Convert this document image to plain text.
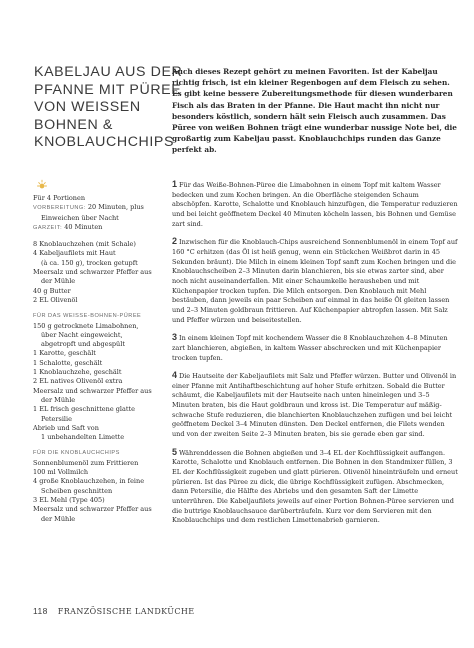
KABELJAU AUS DER
PFANNE MIT PÜREE
VON WEISSEN
BOHNEN &
KNOBLAUCHCHIPS
Auch dieses Rezept gehört zu meinen Favoriten. Ist der Kabeljau richtig frisch, ist ein kleiner Regenbogen auf dem Fleisch zu sehen. Es gibt keine bessere Zubereitungsmethode für diesen wunderbaren Fisch als das Braten in der Pfanne. Die Haut macht ihn nicht nur besonders köstlich, sondern hält sein Fleisch auch zusammen. Das Püree von weißen Bohnen trägt eine wunderbar nussige Note bei, die großartig zum Kabeljau passt. Knoblauchchips runden das Ganze perfekt ab.
Für 4 Portionen
VORBEREITUNG: 20 Minuten, plus
Einweichen über Nacht
GARZEIT: 40 Minuten
8 Knoblauchzehen (mit Schale)
4 Kabeljaufilets mit Haut
(à ca. 150 g), trocken getupft
Meersalz und schwarzer Pfeffer aus
der Mühle
40 g Butter
2 EL Olivenöl
FÜR DAS WEISSE-BOHNEN-PÜREE
150 g getrocknete Limabohnen,
über Nacht eingeweicht,
abgetropft und abgespült
1 Karotte, geschält
1 Schalotte, geschält
1 Knoblauchzehe, geschält
2 EL natives Olivenöl extra
Meersalz und schwarzer Pfeffer aus
der Mühle
1 EL frisch geschnittene glatte
Petersilie
Abrieb und Saft von
1 unbehandelten Limette
FÜR DIE KNOBLAUCHCHIPS
Sonnenblumenöl zum Frittieren
100 ml Vollmilch
4 große Knoblauchzehen, in feine
Scheiben geschnitten
3 EL Mehl (Type 405)
Meersalz und schwarzer Pfeffer aus
der Mühle
1 Für das Weiße-Bohnen-Püree die Limabohnen in einem Topf mit kaltem Wasser bedecken und zum Kochen bringen. An die Oberfläche steigenden Schaum abschöpfen. Karotte, Schalotte und Knoblauch hinzufügen, die Temperatur reduzieren und bei leicht geöffnetem Deckel 40 Minuten köcheln lassen, bis Bohnen und Gemüse zart sind.
2 Inzwischen für die Knoblauch-Chips ausreichend Sonnenblumenöl in einem Topf auf 160 °C erhitzen (das Öl ist heiß genug, wenn ein Stückchen Weißbrot darin in 45 Sekunden bräunt). Die Milch in einem kleinen Topf sanft zum Kochen bringen und die Knoblauchscheiben 2–3 Minuten darin blanchieren, bis sie etwas zarter sind, aber noch nicht auseinanderfallen. Mit einer Schaumkelle herausheben und mit Küchenpapier trocken tupfen. Die Milch entsorgen. Den Knoblauch mit Mehl bestäuben, dann jeweils ein paar Scheiben auf einmal in das heiße Öl gleiten lassen und 2–3 Minuten goldbraun frittieren. Auf Küchenpapier abtropfen lassen. Mit Salz und Pfeffer würzen und beiseitestellen.
3 In einem kleinen Topf mit kochendem Wasser die 8 Knoblauchzehen 4–8 Minuten zart blanchieren, abgießen, in kaltem Wasser abschrecken und mit Küchenpapier trocken tupfen.
4 Die Hautseite der Kabeljaufilets mit Salz und Pfeffer würzen. Butter und Olivenöl in einer Pfanne mit Antihaftbeschichtung auf hoher Stufe erhitzen. Sobald die Butter schäumt, die Kabeljaufilets mit der Hautseite nach unten hineinlegen und 3–5 Minuten braten, bis die Haut goldbraun und kross ist. Die Temperatur auf mäßig-schwache Stufe reduzieren, die blanchierten Knoblauchzehen zufügen und bei leicht geöffnetem Deckel 3–4 Minuten dünsten. Den Deckel entfernen, die Filets wenden und von der zweiten Seite 2–3 Minuten braten, bis sie gerade eben gar sind.
5 Währenddessen die Bohnen abgießen und 3–4 EL der Kochflüssigkeit auffangen. Karotte, Schalotte und Knoblauch entfernen. Die Bohnen in den Standmixer füllen, 3 EL der Kochflüssigkeit zugeben und glatt pürieren. Olivenöl hineinträufeln und erneut pürieren. Ist das Püree zu dick, die übrige Kochflüssigkeit zufügen. Abschmecken, dann Petersilie, die Hälfte des Abriebs und den gesamten Saft der Limette unterrühren. Die Kabeljaufilets jeweils auf einer Portion Bohnen-Püree servieren und die buttrige Knoblauchsauce darüberträufeln. Kurz vor dem Servieren mit den Knoblauchchips und dem restlichen Limettenabrieb garnieren.
118 FRANZÖSISCHE LANDKÜCHE
